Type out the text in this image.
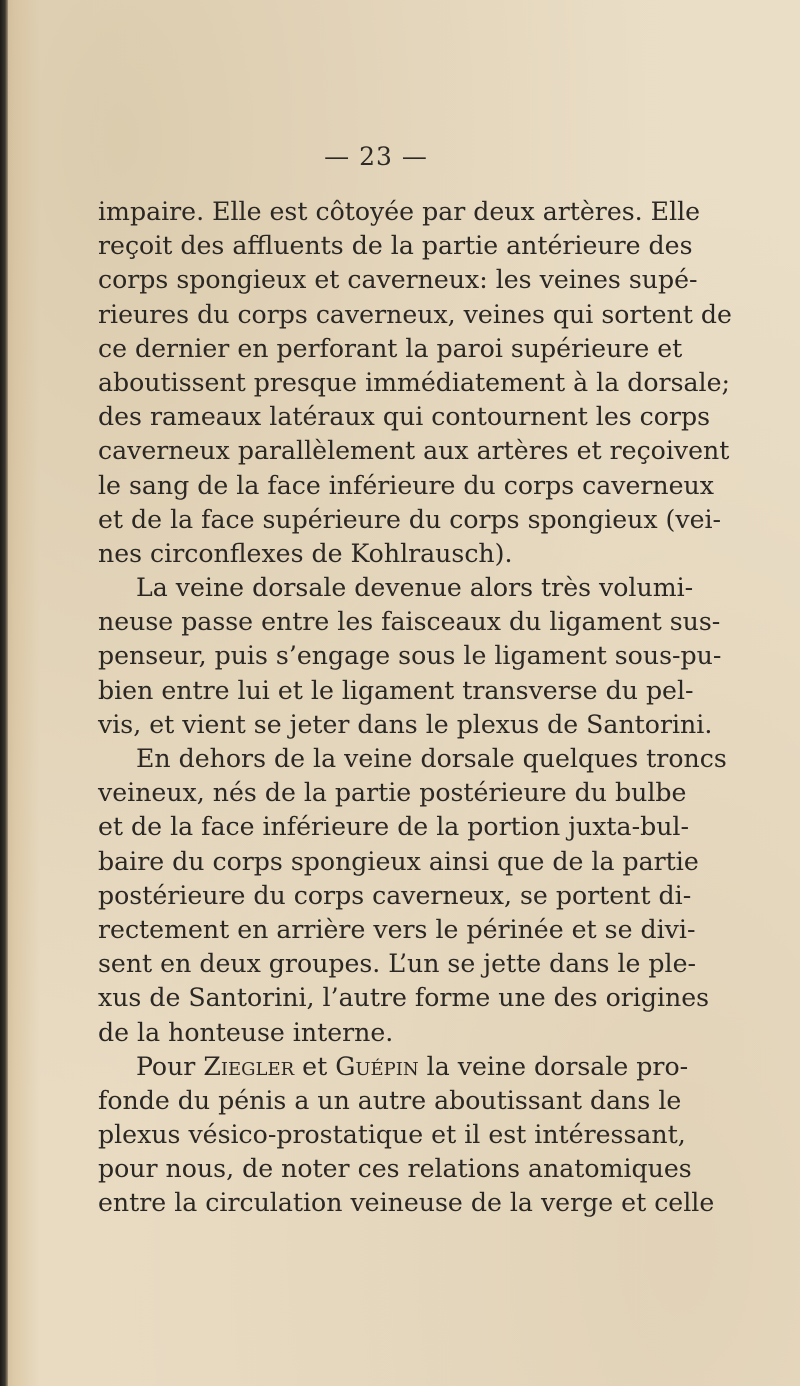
— 23 —
impaire. Elle est côtoyée par deux artères. Elle
reçoit des affluents de la partie antérieure des
corps spongieux et caverneux: les veines supé-
rieures du corps caverneux, veines qui sortent de
ce dernier en perforant la paroi supérieure et
aboutissent presque immédiatement à la dorsale;
des rameaux latéraux qui contournent les corps
caverneux parallèlement aux artères et reçoivent
le sang de la face inférieure du corps caverneux
et de la face supérieure du corps spongieux (vei-
nes circonflexes de Kohlrausch).
La veine dorsale devenue alors très volumi-
neuse passe entre les faisceaux du ligament sus-
penseur, puis s’engage sous le ligament sous-pu-
bien entre lui et le ligament transverse du pel-
vis, et vient se jeter dans le plexus de Santorini.
En dehors de la veine dorsale quelques troncs
veineux, nés de la partie postérieure du bulbe
et de la face inférieure de la portion juxta-bul-
baire du corps spongieux ainsi que de la partie
postérieure du corps caverneux, se portent di-
rectement en arrière vers le périnée et se divi-
sent en deux groupes. L’un se jette dans le ple-
xus de Santorini, l’autre forme une des origines
de la honteuse interne.
Pour Ziegler et Guépin la veine dorsale pro-
fonde du pénis a un autre aboutissant dans le
plexus vésico-prostatique et il est intéressant,
pour nous, de noter ces relations anatomiques
entre la circulation veineuse de la verge et celle
